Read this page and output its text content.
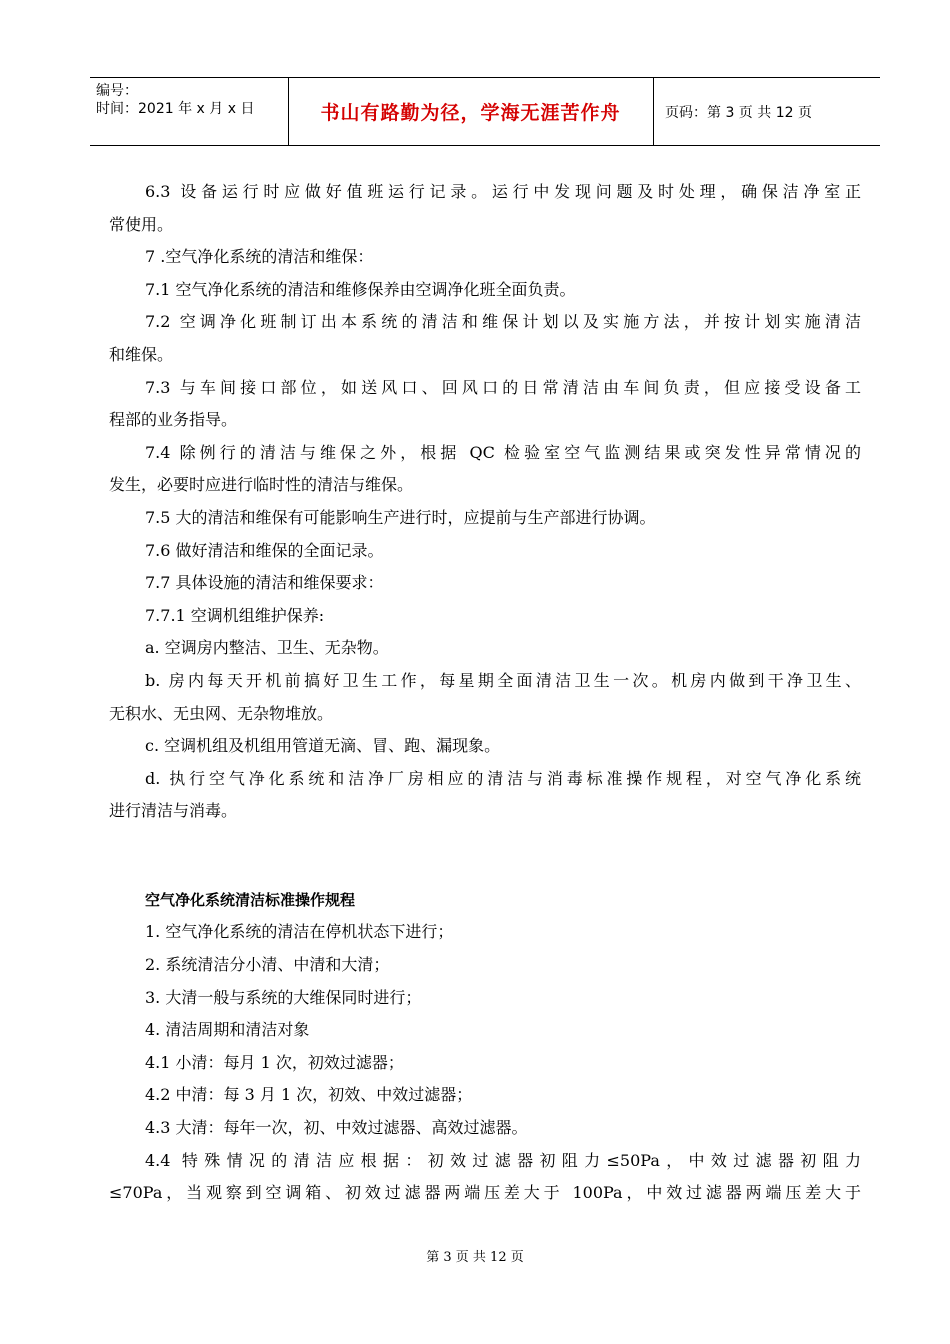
编号：
时间：2021 年 x 月 x 日	书山有路勤为径，学海无涯苦作舟	页码：第 3 页 共 12 页

6.3 设备运行时应做好值班运行记录。运行中发现问题及时处理，确保洁净室正

常使用。

7 .空气净化系统的清洁和维保：

7.1 空气净化系统的清洁和维修保养由空调净化班全面负责。

7.2 空调净化班制订出本系统的清洁和维保计划以及实施方法，并按计划实施清洁

和维保。

7.3 与车间接口部位，如送风口、回风口的日常清洁由车间负责，但应接受设备工

程部的业务指导。

7.4 除例行的清洁与维保之外，根据 QC 检验室空气监测结果或突发性异常情况的

发生，必要时应进行临时性的清洁与维保。

7.5 大的清洁和维保有可能影响生产进行时，应提前与生产部进行协调。

7.6 做好清洁和维保的全面记录。

7.7 具体设施的清洁和维保要求：

7.7.1 空调机组维护保养:

a. 空调房内整洁、卫生、无杂物。

b. 房内每天开机前搞好卫生工作，每星期全面清洁卫生一次。机房内做到干净卫生、

无积水、无虫网、无杂物堆放。

c. 空调机组及机组用管道无滴、冒、跑、漏现象。

d. 执行空气净化系统和洁净厂房相应的清洁与消毒标准操作规程，对空气净化系统

进行清洁与消毒。

空气净化系统清洁标准操作规程

1. 空气净化系统的清洁在停机状态下进行；

2. 系统清洁分小清、中清和大清；

3. 大清一般与系统的大维保同时进行；

4. 清洁周期和清洁对象

4.1 小清：每月 1 次，初效过滤器；

4.2 中清：每 3 月 1 次，初效、中效过滤器；

4.3 大清：每年一次，初、中效过滤器、高效过滤器。

4.4 特殊情况的清洁应根据：初效过滤器初阻力≤50Pa，中效过滤器初阻力

≤70Pa，当观察到空调箱、初效过滤器两端压差大于 100Pa，中效过滤器两端压差大于

第 3 页 共 12 页
